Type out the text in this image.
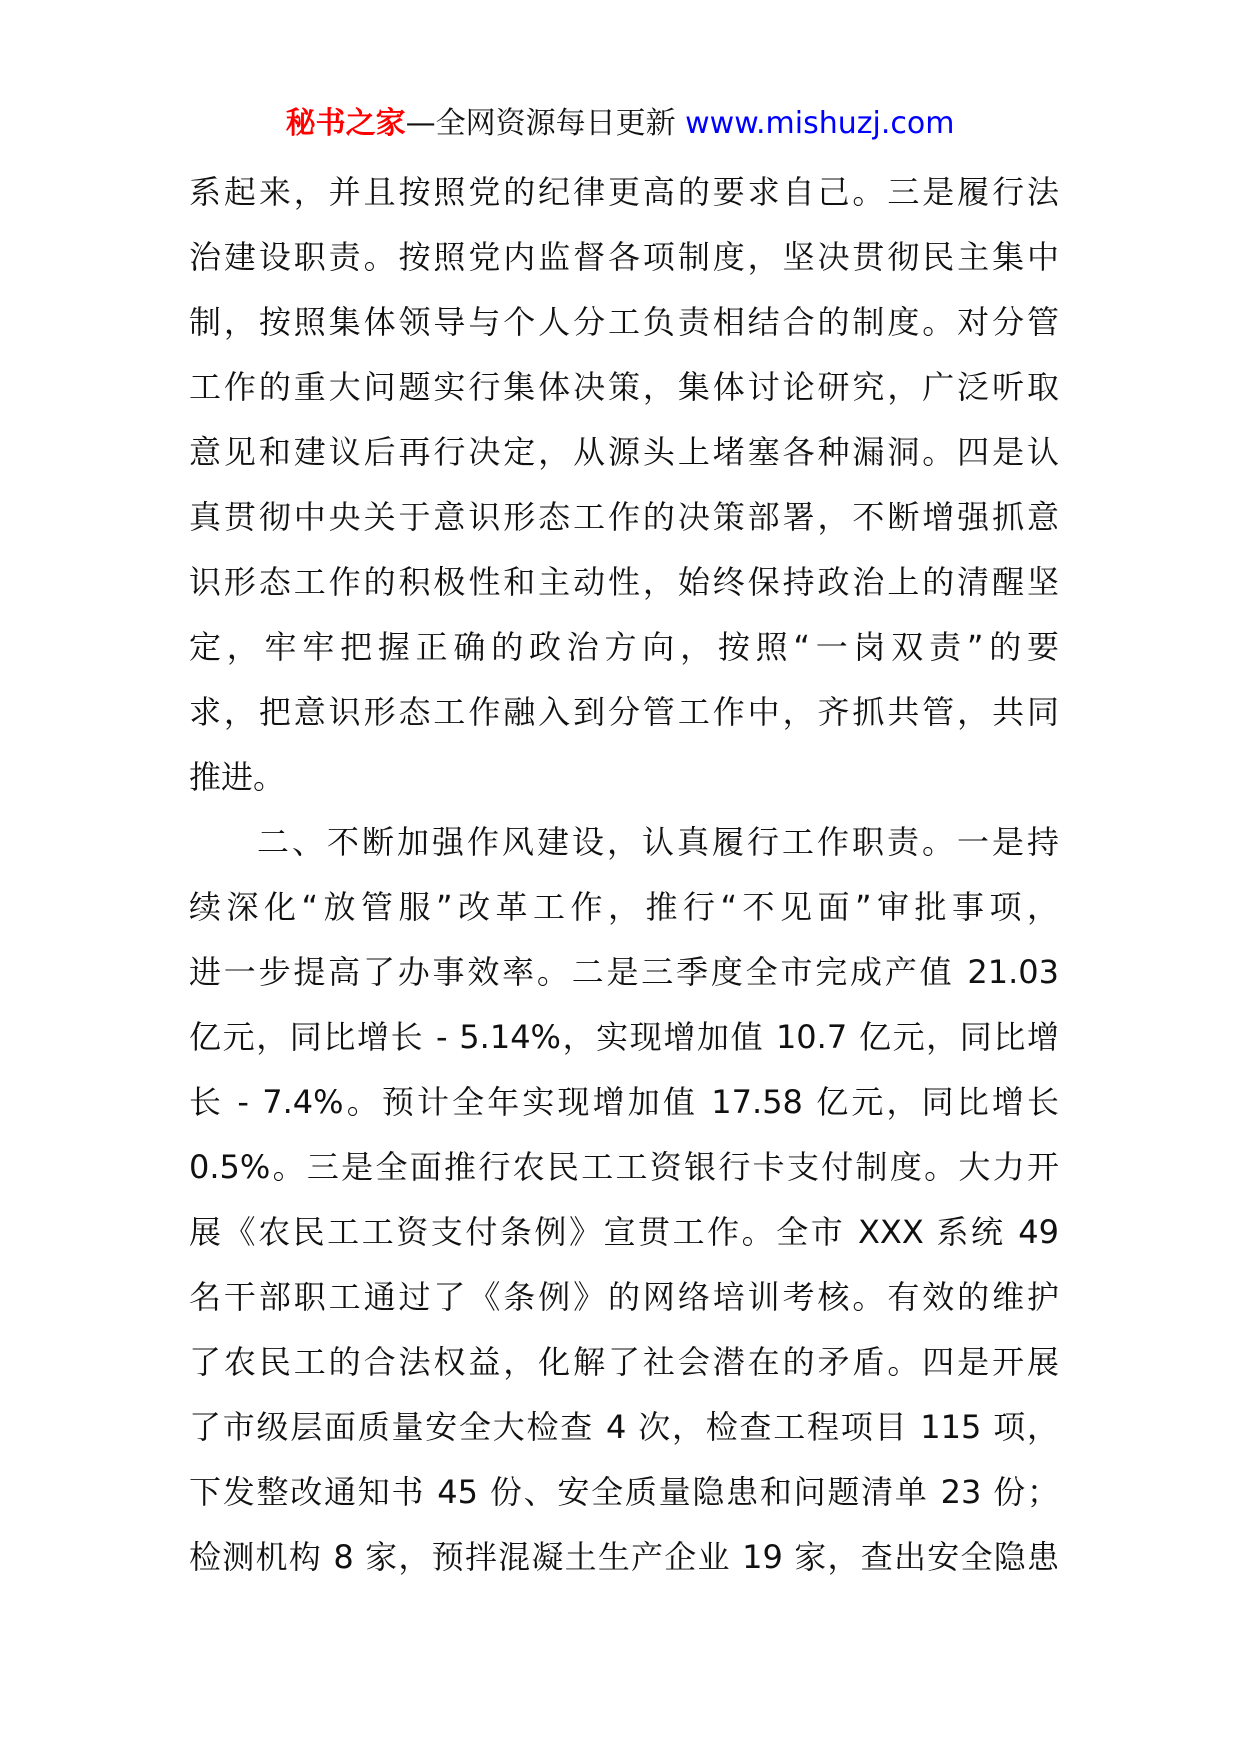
秘书之家—全网资源每日更新 www.mishuzj.com
系起来，并且按照党的纪律更高的要求自己。三是履行法
治建设职责。按照党内监督各项制度，坚决贯彻民主集中
制，按照集体领导与个人分工负责相结合的制度。对分管
工作的重大问题实行集体决策，集体讨论研究，广泛听取
意见和建议后再行决定，从源头上堵塞各种漏洞。四是认
真贯彻中央关于意识形态工作的决策部署，不断增强抓意
识形态工作的积极性和主动性，始终保持政治上的清醒坚
定，牢牢把握正确的政治方向，按照“一岗双责”的要
求，把意识形态工作融入到分管工作中，齐抓共管，共同
推进。
二、不断加强作风建设，认真履行工作职责。一是持
续深化“放管服”改革工作，推行“不见面”审批事项，
进一步提高了办事效率。二是三季度全市完成产值 21.03
亿元，同比增长 - 5.14%，实现增加值 10.7 亿元，同比增
长 - 7.4%。预计全年实现增加值 17.58 亿元，同比增长
0.5%。三是全面推行农民工工资银行卡支付制度。大力开
展《农民工工资支付条例》宣贯工作。全市 XXX 系统 49
名干部职工通过了《条例》的网络培训考核。有效的维护
了农民工的合法权益，化解了社会潜在的矛盾。四是开展
了市级层面质量安全大检查 4 次，检查工程项目 115 项，
下发整改通知书 45 份、安全质量隐患和问题清单 23 份；
检测机构 8 家，预拌混凝土生产企业 19 家，查出安全隐患
